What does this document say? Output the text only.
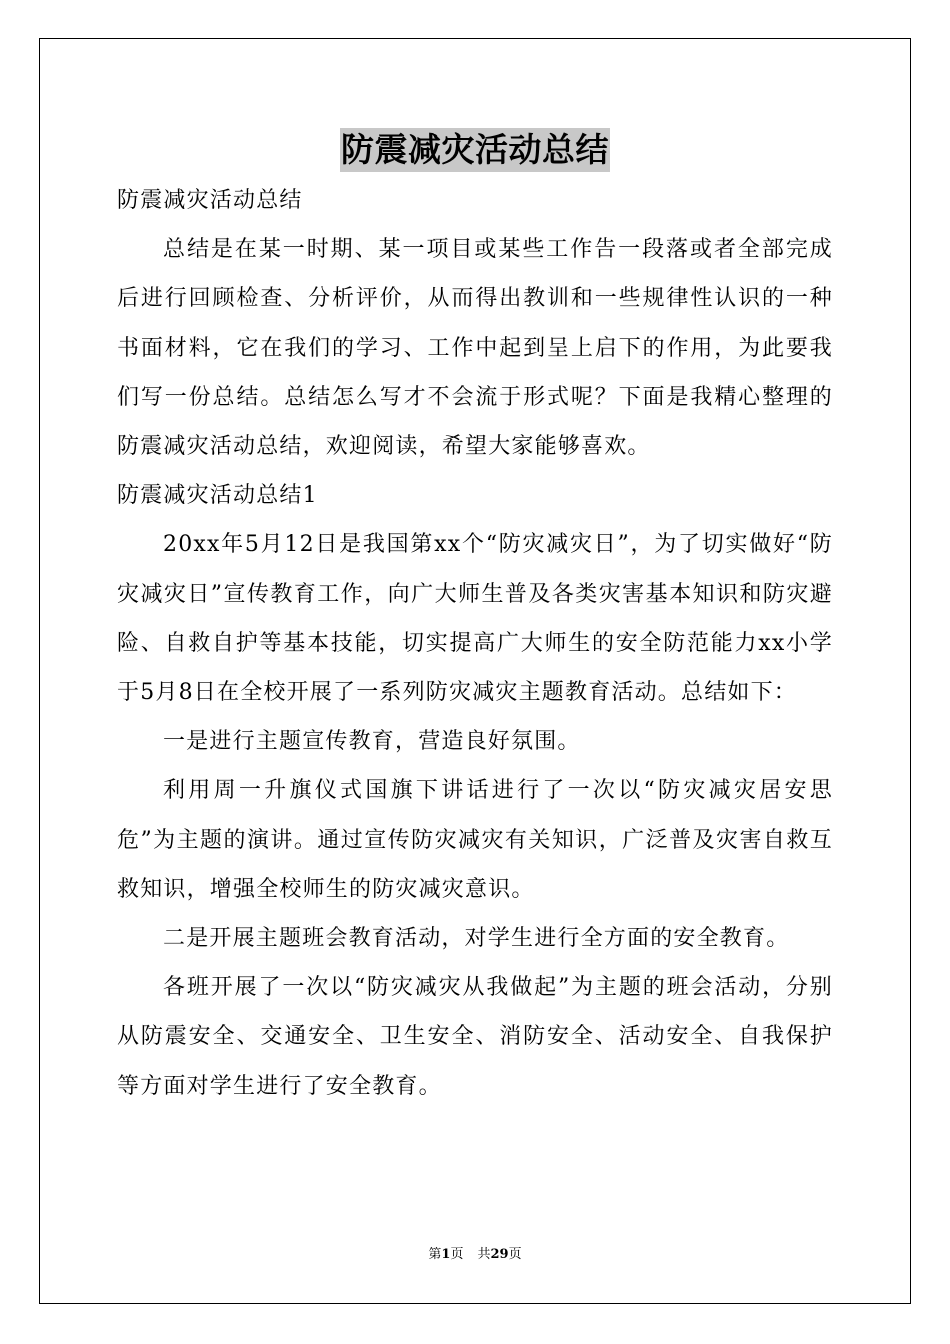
防震减灾活动总结

防震减灾活动总结

总结是在某一时期、某一项目或某些工作告一段落或者全部完成后进行回顾检查、分析评价，从而得出教训和一些规律性认识的一种书面材料，它在我们的学习、工作中起到呈上启下的作用，为此要我们写一份总结。总结怎么写才不会流于形式呢？下面是我精心整理的防震减灾活动总结，欢迎阅读，希望大家能够喜欢。

防震减灾活动总结1

20xx年5月12日是我国第xx个“防灾减灾日”，为了切实做好“防灾减灾日”宣传教育工作，向广大师生普及各类灾害基本知识和防灾避险、自救自护等基本技能，切实提高广大师生的安全防范能力xx小学于5月8日在全校开展了一系列防灾减灾主题教育活动。总结如下：

一是进行主题宣传教育，营造良好氛围。

利用周一升旗仪式国旗下讲话进行了一次以“防灾减灾居安思危”为主题的演讲。通过宣传防灾减灾有关知识，广泛普及灾害自救互救知识，增强全校师生的防灾减灾意识。

二是开展主题班会教育活动，对学生进行全方面的安全教育。

各班开展了一次以“防灾减灾从我做起”为主题的班会活动，分别从防震安全、交通安全、卫生安全、消防安全、活动安全、自我保护等方面对学生进行了安全教育。

第1页 共29页
